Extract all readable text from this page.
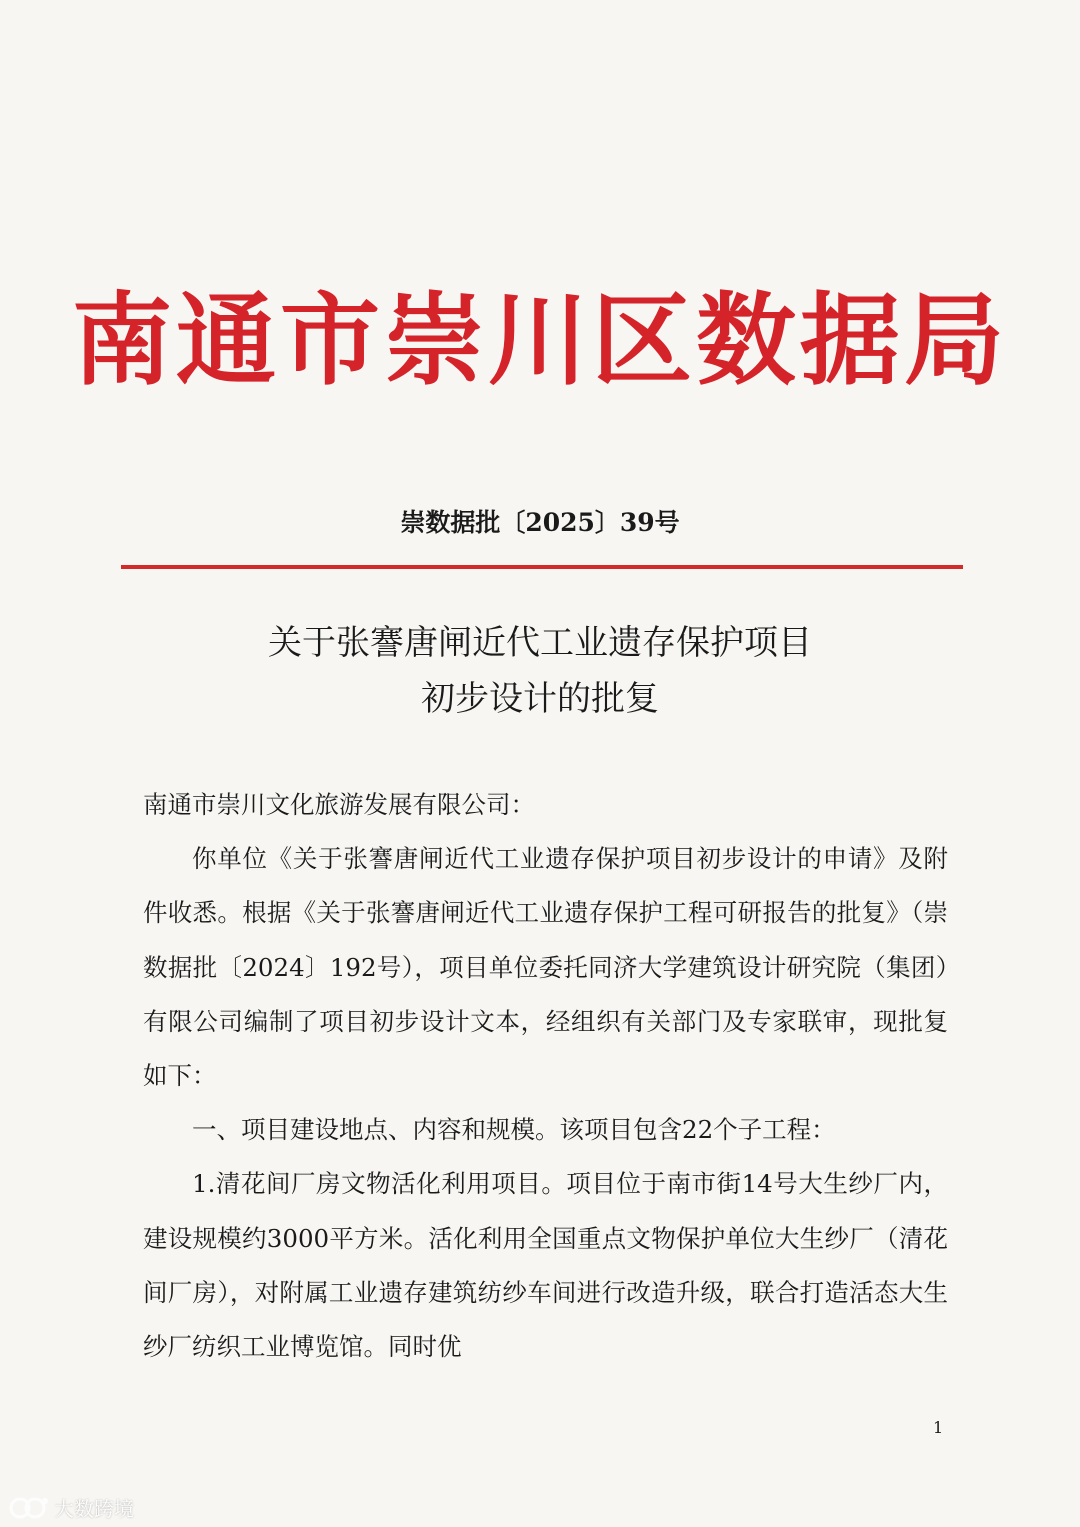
南通市崇川区数据局
崇数据批〔2025〕39号
关于张謇唐闸近代工业遗存保护项目
初步设计的批复

南通市崇川文化旅游发展有限公司：

你单位《关于张謇唐闸近代工业遗存保护项目初步设计的申请》及附件收悉。根据《关于张謇唐闸近代工业遗存保护工程可研报告的批复》（崇数据批〔2024〕192号），项目单位委托同济大学建筑设计研究院（集团）有限公司编制了项目初步设计文本，经组织有关部门及专家联审，现批复如下：

一、项目建设地点、内容和规模。该项目包含22个子工程：

1.清花间厂房文物活化利用项目。项目位于南市街14号大生纱厂内，建设规模约3000平方米。活化利用全国重点文物保护单位大生纱厂（清花间厂房），对附属工业遗存建筑纺纱车间进行改造升级，联合打造活态大生纱厂纺织工业博览馆。同时优

1
大数跨境
